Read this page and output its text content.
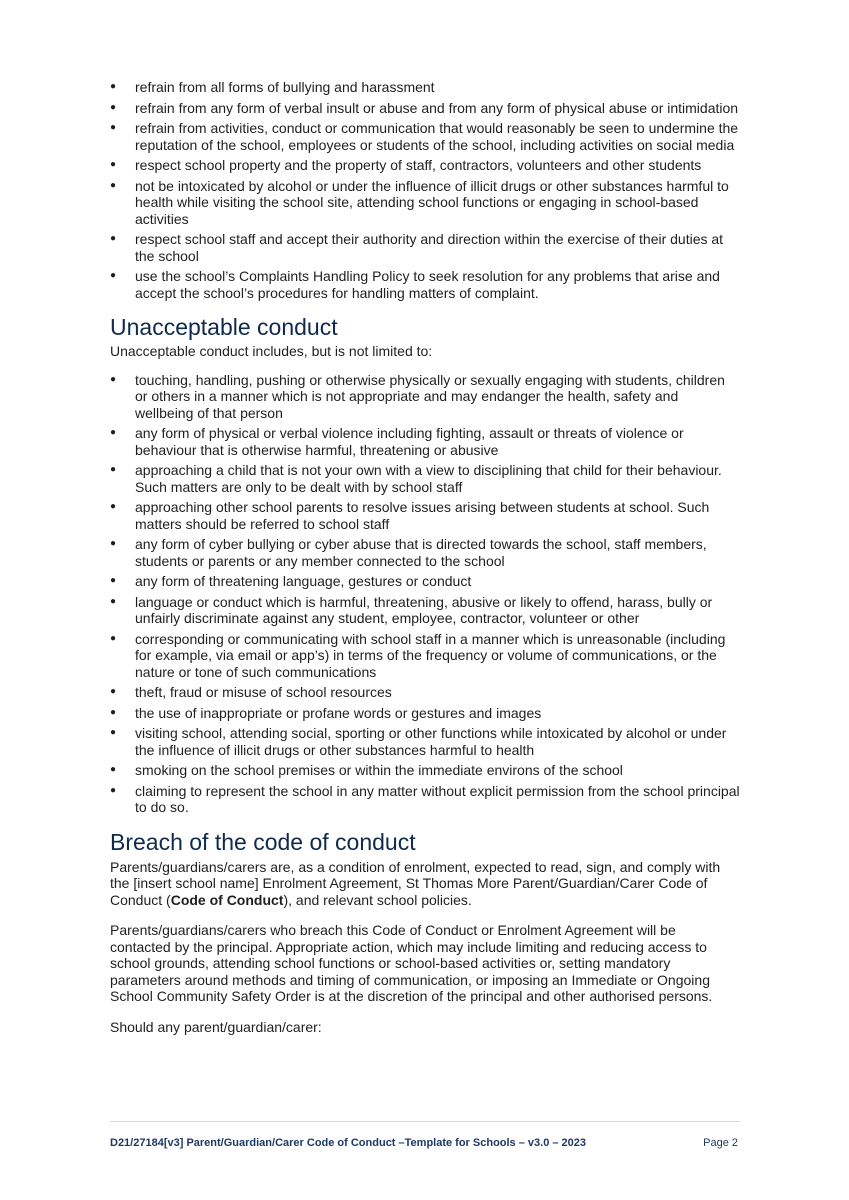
● refrain from all forms of bullying and harassment
● refrain from any form of verbal insult or abuse and from any form of physical abuse or intimidation
● refrain from activities, conduct or communication that would reasonably be seen to undermine the reputation of the school, employees or students of the school, including activities on social media
● respect school property and the property of staff, contractors, volunteers and other students
● not be intoxicated by alcohol or under the influence of illicit drugs or other substances harmful to health while visiting the school site, attending school functions or engaging in school-based activities
● respect school staff and accept their authority and direction within the exercise of their duties at the school
● use the school’s Complaints Handling Policy to seek resolution for any problems that arise and accept the school’s procedures for handling matters of complaint.
Unacceptable conduct

Unacceptable conduct includes, but is not limited to:

● touching, handling, pushing or otherwise physically or sexually engaging with students, children or others in a manner which is not appropriate and may endanger the health, safety and wellbeing of that person
● any form of physical or verbal violence including fighting, assault or threats of violence or behaviour that is otherwise harmful, threatening or abusive
● approaching a child that is not your own with a view to disciplining that child for their behaviour. Such matters are only to be dealt with by school staff
● approaching other school parents to resolve issues arising between students at school. Such matters should be referred to school staff
● any form of cyber bullying or cyber abuse that is directed towards the school, staff members, students or parents or any member connected to the school
● any form of threatening language, gestures or conduct
● language or conduct which is harmful, threatening, abusive or likely to offend, harass, bully or unfairly discriminate against any student, employee, contractor, volunteer or other
● corresponding or communicating with school staff in a manner which is unreasonable (including for example, via email or app’s) in terms of the frequency or volume of communications, or the nature or tone of such communications
● theft, fraud or misuse of school resources
● the use of inappropriate or profane words or gestures and images
● visiting school, attending social, sporting or other functions while intoxicated by alcohol or under the influence of illicit drugs or other substances harmful to health
● smoking on the school premises or within the immediate environs of the school
● claiming to represent the school in any matter without explicit permission from the school principal to do so.
Breach of the code of conduct

Parents/guardians/carers are, as a condition of enrolment, expected to read, sign, and comply with the [insert school name] Enrolment Agreement, St Thomas More Parent/Guardian/Carer Code of Conduct (Code of Conduct), and relevant school policies.

Parents/guardians/carers who breach this Code of Conduct or Enrolment Agreement will be contacted by the principal. Appropriate action, which may include limiting and reducing access to school grounds, attending school functions or school-based activities or, setting mandatory parameters around methods and timing of communication, or imposing an Immediate or Ongoing School Community Safety Order is at the discretion of the principal and other authorised persons.

Should any parent/guardian/carer:

D21/27184[v3] Parent/Guardian/Carer Code of Conduct –Template for Schools – v3.0 – 2023	Page 2
